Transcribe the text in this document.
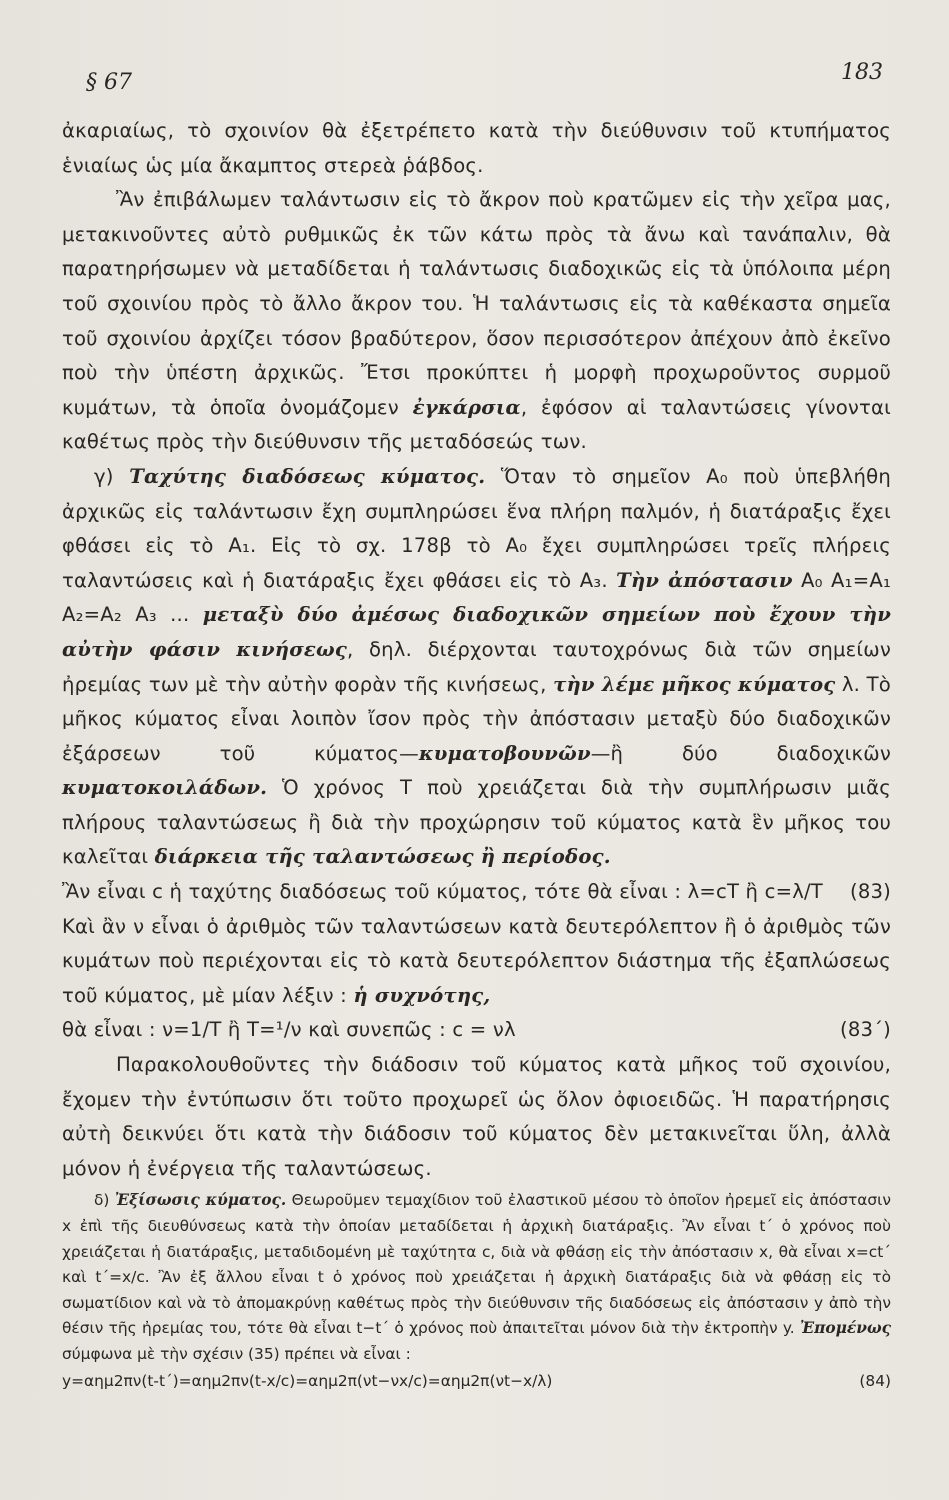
§ 67	183

ἀκαριαίως, τὸ σχοινίον θὰ ἐξετρέπετο κατὰ τὴν διεύθυνσιν τοῦ κτυπήματος ἑνιαίως ὡς μία ἄκαμπτος στερεὰ ῥάβδος.

Ἂν ἐπιβάλωμεν ταλάντωσιν εἰς τὸ ἄκρον ποὺ κρατῶμεν εἰς τὴν χεῖρα μας, μετακινοῦντες αὐτὸ ρυθμικῶς ἐκ τῶν κάτω πρὸς τὰ ἄνω καὶ τανάπαλιν, θὰ παρατηρήσωμεν νὰ μεταδίδεται ἡ ταλάντωσις διαδοχικῶς εἰς τὰ ὑπόλοιπα μέρη τοῦ σχοινίου πρὸς τὸ ἄλλο ἄκρον του. Ἡ ταλάντωσις εἰς τὰ καθέκαστα σημεῖα τοῦ σχοινίου ἀρχίζει τόσον βραδύτερον, ὅσον περισσότερον ἀπέχουν ἀπὸ ἐκεῖνο ποὺ τὴν ὑπέστη ἀρχικῶς. Ἔτσι προκύπτει ἡ μορφὴ προχωροῦντος συρμοῦ κυμάτων, τὰ ὁποῖα ὀνομάζομεν ἐγκάρσια, ἐφόσον αἱ ταλαντώσεις γίνονται καθέτως πρὸς τὴν διεύθυνσιν τῆς μεταδόσεώς των.

γ) Ταχύτης διαδόσεως κύματος. Ὅταν τὸ σημεῖον A₀ ποὺ ὑπεβλήθη ἀρχικῶς εἰς ταλάντωσιν ἔχη συμπληρώσει ἕνα πλήρη παλμόν, ἡ διατάραξις ἔχει φθάσει εἰς τὸ A₁. Εἰς τὸ σχ. 178β τὸ A₀ ἔχει συμπληρώσει τρεῖς πλήρεις ταλαντώσεις καὶ ἡ διατάραξις ἔχει φθάσει εἰς τὸ A₃. Τὴν ἀπόστασιν A₀ A₁=A₁ A₂=A₂ A₃ ... μεταξὺ δύο ἀμέσως διαδοχικῶν σημείων ποὺ ἔχουν τὴν αὐτὴν φάσιν κινήσεως, δηλ. διέρχονται ταυτοχρόνως διὰ τῶν σημείων ἠρεμίας των μὲ τὴν αὐτὴν φορὰν τῆς κινήσεως, τὴν λέμε μῆκος κύματος λ. Τὸ μῆκος κύματος εἶναι λοιπὸν ἴσον πρὸς τὴν ἀπόστασιν μεταξὺ δύο διαδοχικῶν ἐξάρσεων τοῦ κύματος—κυματοβουνῶν—ἢ δύο διαδοχικῶν κυματοκοιλάδων. Ὁ χρόνος T ποὺ χρειάζεται διὰ τὴν συμπλήρωσιν μιᾶς πλήρους ταλαντώσεως ἢ διὰ τὴν προχώρησιν τοῦ κύματος κατὰ ἓν μῆκος του καλεῖται διάρκεια τῆς ταλαντώσεως ἢ περίοδος.

Ἂν εἶναι c ἡ ταχύτης διαδόσεως τοῦ κύματος, τότε θὰ εἶναι : λ=cT ἢ c=λ/T (83)

Καὶ ἂν ν εἶναι ὁ ἀριθμὸς τῶν ταλαντώσεων κατὰ δευτερόλεπτον ἢ ὁ ἀριθμὸς τῶν κυμάτων ποὺ περιέχονται εἰς τὸ κατὰ δευτερόλεπτον διάστημα τῆς ἐξαπλώσεως τοῦ κύματος, μὲ μίαν λέξιν : ἡ συχνότης,

θὰ εἶναι : ν=1/T ἢ T=¹/ν καὶ συνεπῶς : c = νλ	(83΄)

Παρακολουθοῦντες τὴν διάδοσιν τοῦ κύματος κατὰ μῆκος τοῦ σχοινίου, ἔχομεν τὴν ἐντύπωσιν ὅτι τοῦτο προχωρεῖ ὡς ὅλον ὀφιοειδῶς. Ἡ παρατήρησις αὐτὴ δεικνύει ὅτι κατὰ τὴν διάδοσιν τοῦ κύματος δὲν μετακινεῖται ὕλη, ἀλλὰ μόνον ἡ ἐνέργεια τῆς ταλαντώσεως.

δ) Ἐξίσωσις κύματος. Θεωροῦμεν τεμαχίδιον τοῦ ἐλαστικοῦ μέσου τὸ ὁποῖον ἠρεμεῖ εἰς ἀπόστασιν x ἐπὶ τῆς διευθύνσεως κατὰ τὴν ὁποίαν μεταδίδεται ἡ ἀρχικὴ διατάραξις. Ἂν εἶναι t΄ ὁ χρόνος ποὺ χρειάζεται ἡ διατάραξις, μεταδιδομένη μὲ ταχύτητα c, διὰ νὰ φθάσῃ εἰς τὴν ἀπόστασιν x, θὰ εἶναι x=ct΄ καὶ t΄=x/c. Ἂν ἐξ ἄλλου εἶναι t ὁ χρόνος ποὺ χρειάζεται ἡ ἀρχικὴ διατάραξις διὰ νὰ φθάσῃ εἰς τὸ σωματίδιον καὶ νὰ τὸ ἀπομακρύνῃ καθέτως πρὸς τὴν διεύθυνσιν τῆς διαδόσεως εἰς ἀπόστασιν y ἀπὸ τὴν θέσιν τῆς ἠρεμίας του, τότε θὰ εἶναι t−t΄ ὁ χρόνος ποὺ ἀπαιτεῖται μόνον διὰ τὴν ἐκτροπὴν y. Ἐπομένως σύμφωνα μὲ τὴν σχέσιν (35) πρέπει νὰ εἶναι :

y=αημ2πν(t-t΄)=αημ2πν(t-x/c)=αημ2π(νt−νx/c)=αημ2π(νt−x/λ)	(84)
